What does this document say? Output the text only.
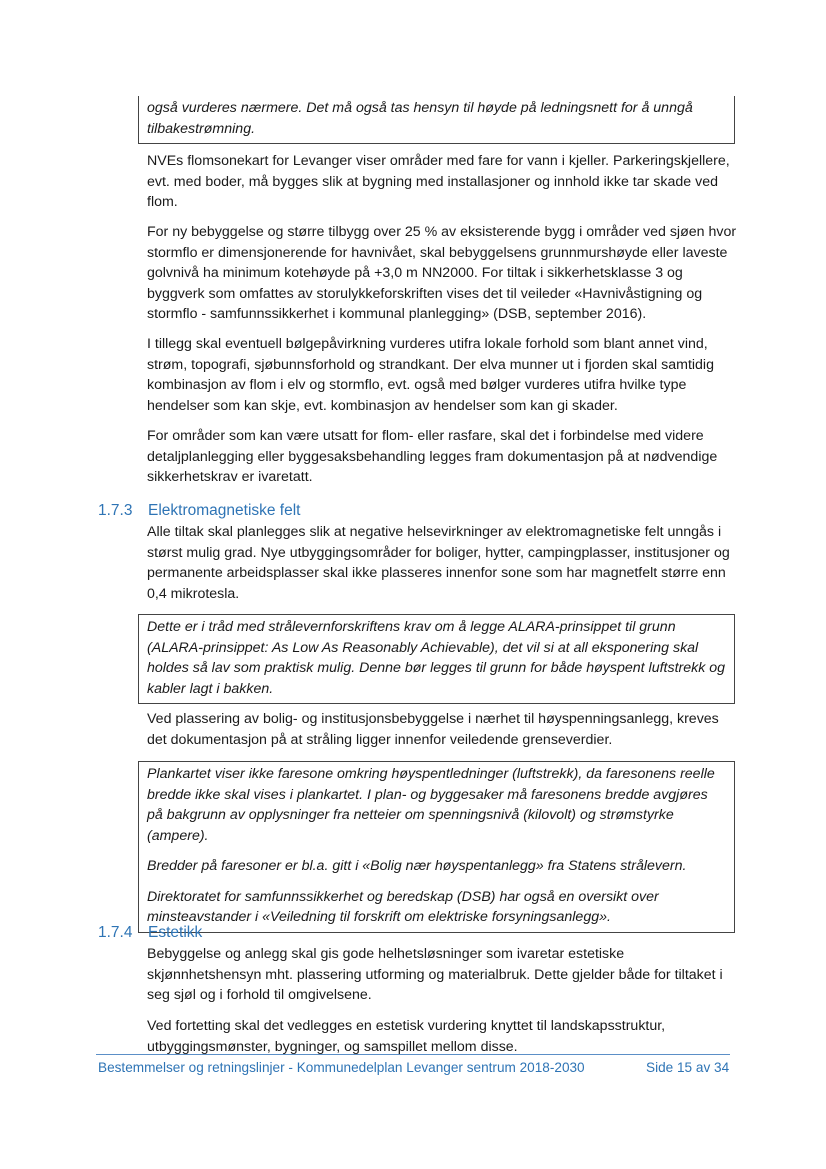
også vurderes nærmere. Det må også tas hensyn til høyde på ledningsnett for å unngå tilbakestrømning.

NVEs flomsonekart for Levanger viser områder med fare for vann i kjeller. Parkeringskjellere, evt. med boder, må bygges slik at bygning med installasjoner og innhold ikke tar skade ved flom.

For ny bebyggelse og større tilbygg over 25 % av eksisterende bygg i områder ved sjøen hvor stormflo er dimensjonerende for havnivået, skal bebyggelsens grunnmurshøyde eller laveste golvnivå ha minimum kotehøyde på +3,0 m NN2000. For tiltak i sikkerhetsklasse 3 og byggverk som omfattes av storulykkeforskriften vises det til veileder «Havnivåstigning og stormflo - samfunnssikkerhet i kommunal planlegging» (DSB, september 2016).

I tillegg skal eventuell bølgepåvirkning vurderes utifra lokale forhold som blant annet vind, strøm, topografi, sjøbunnsforhold og strandkant. Der elva munner ut i fjorden skal samtidig kombinasjon av flom i elv og stormflo, evt. også med bølger vurderes utifra hvilke type hendelser som kan skje, evt. kombinasjon av hendelser som kan gi skader.

For områder som kan være utsatt for flom- eller rasfare, skal det i forbindelse med videre detaljplanlegging eller byggesaksbehandling legges fram dokumentasjon på at nødvendige sikkerhetskrav er ivaretatt.

1.7.3 Elektromagnetiske felt

Alle tiltak skal planlegges slik at negative helsevirkninger av elektromagnetiske felt unngås i størst mulig grad. Nye utbyggingsområder for boliger, hytter, campingplasser, institusjoner og permanente arbeidsplasser skal ikke plasseres innenfor sone som har magnetfelt større enn 0,4 mikrotesla.

Dette er i tråd med strålevernforskriftens krav om å legge ALARA-prinsippet til grunn (ALARA-prinsippet: As Low As Reasonably Achievable), det vil si at all eksponering skal holdes så lav som praktisk mulig. Denne bør legges til grunn for både høyspent luftstrekk og kabler lagt i bakken.

Ved plassering av bolig- og institusjonsbebyggelse i nærhet til høyspenningsanlegg, kreves det dokumentasjon på at stråling ligger innenfor veiledende grenseverdier.

Plankartet viser ikke faresone omkring høyspentledninger (luftstrekk), da faresonens reelle bredde ikke skal vises i plankartet. I plan- og byggesaker må faresonens bredde avgjøres på bakgrunn av opplysninger fra netteier om spenningsnivå (kilovolt) og strømstyrke (ampere).

Bredder på faresoner er bl.a. gitt i «Bolig nær høyspentanlegg» fra Statens strålevern.

Direktoratet for samfunnssikkerhet og beredskap (DSB) har også en oversikt over minsteavstander i «Veiledning til forskrift om elektriske forsyningsanlegg».

1.7.4 Estetikk

Bebyggelse og anlegg skal gis gode helhetsløsninger som ivaretar estetiske skjønnhetshensyn mht. plassering utforming og materialbruk. Dette gjelder både for tiltaket i seg sjøl og i forhold til omgivelsene.

Ved fortetting skal det vedlegges en estetisk vurdering knyttet til landskapsstruktur, utbyggingsmønster, bygninger, og samspillet mellom disse.

Bestemmelser og retningslinjer - Kommunedelplan Levanger sentrum 2018-2030	Side 15 av 34
